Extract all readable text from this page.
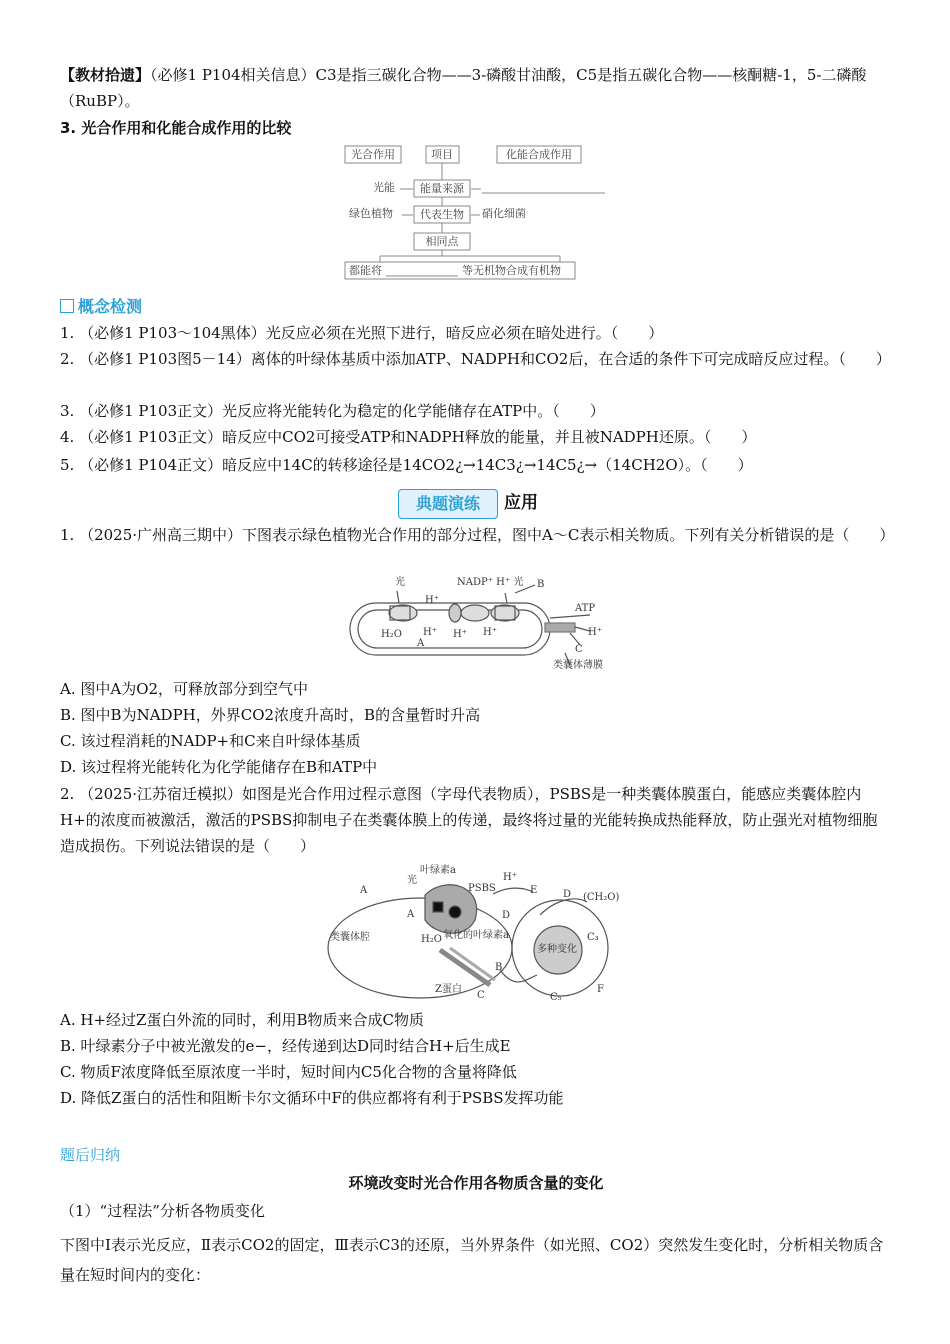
【教材拾遗】（必修1 P104相关信息）C3是指三碳化合物——3-磷酸甘油酸，C5是指五碳化合物——核酮糖-1，5-二磷酸（RuBP）。
3. 光合作用和化能合成作用的比较
光合作用	项目	化能合成作用
光能 能量来源
绿色植物 代表生物 硝化细菌
相同点
都能将	等无机物合成有机物
概念检测
1. （必修1 P103～104黑体）光反应必须在光照下进行，暗反应必须在暗处进行。（　　）
2. （必修1 P103图5－14）离体的叶绿体基质中添加ATP、NADPH和CO2后，在合适的条件下可完成暗反应过程。（　　）
3. （必修1 P103正文）光反应将光能转化为稳定的化学能储存在ATP中。（　　）
4. （必修1 P103正文）暗反应中CO2可接受ATP和NADPH释放的能量，并且被NADPH还原。（　　）
5. （必修1 P104正文）暗反应中14C的转移途径是14CO2¿→14C3¿→14C5¿→（14CH2O）。（　　）
典题演练	应用
1. （2025·广州高三期中）下图表示绿色植物光合作用的部分过程，图中A～C表示相关物质。下列有关分析错误的是（　　）
光	NADP⁺ H⁺ 光 B
H⁺
ATP
H₂O H⁺ H⁺ H⁺	H⁺
A
C
类囊体薄膜
A. 图中A为O2，可释放部分到空气中
B. 图中B为NADPH，外界CO2浓度升高时，B的含量暂时升高
C. 该过程消耗的NADP+和C来自叶绿体基质
D. 该过程将光能转化为化学能储存在B和ATP中
2. （2025·江苏宿迁模拟）如图是光合作用过程示意图（字母代表物质），PSBS是一种类囊体膜蛋白，能感应类囊体腔内H+的浓度而被激活，激活的PSBS抑制电子在类囊体膜上的传递，最终将过量的光能转换成热能释放，防止强光对植物细胞造成损伤。下列说法错误的是（　　）
叶绿素a
光
PSBS
H⁺
E	D (CH₂O)
A
A	D
类囊体腔	H₂O 氧化的叶绿素a
多种变化
C₃
B
Z蛋白
C	C₅
F
A. H+经过Z蛋白外流的同时，利用B物质来合成C物质
B. 叶绿素分子中被光激发的e−，经传递到达D同时结合H+后生成E
C. 物质F浓度降低至原浓度一半时，短时间内C5化合物的含量将降低
D. 降低Z蛋白的活性和阻断卡尔文循环中F的供应都将有利于PSBS发挥功能
题后归纳
环境改变时光合作用各物质含量的变化
（1）“过程法”分析各物质变化
下图中Ⅰ表示光反应，Ⅱ表示CO2的固定，Ⅲ表示C3的还原，当外界条件（如光照、CO2）突然发生变化时，分析相关物质含量在短时间内的变化：
